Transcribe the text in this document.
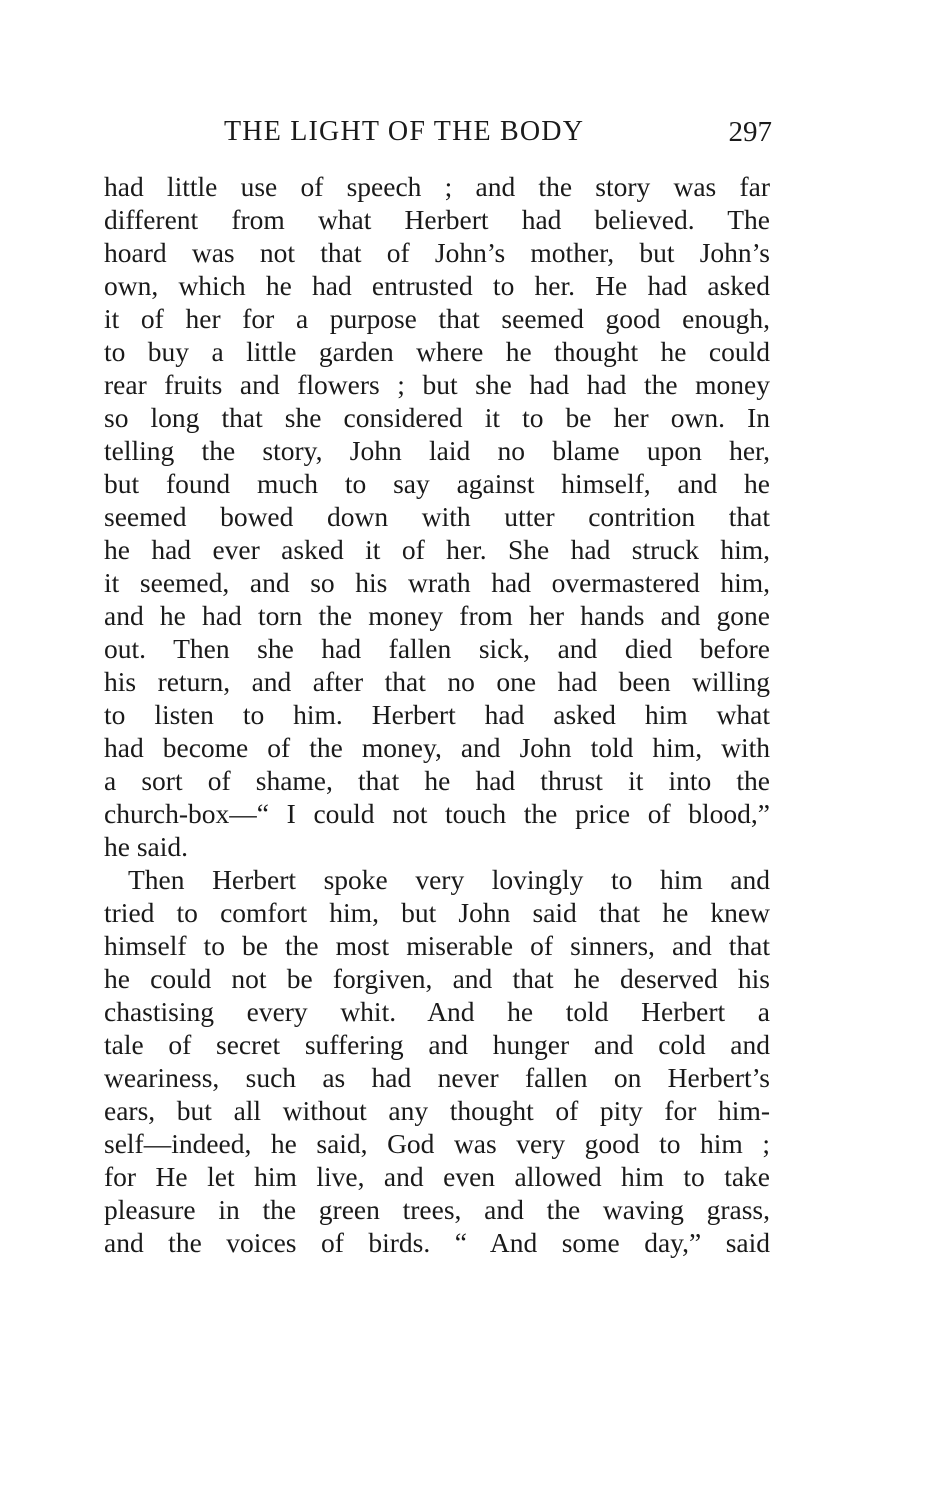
THE LIGHT OF THE BODY	297
had little use of speech ; and the story was far
different from what Herbert had believed. The
hoard was not that of John’s mother, but John’s
own, which he had entrusted to her. He had asked
it of her for a purpose that seemed good enough,
to buy a little garden where he thought he could
rear fruits and flowers ; but she had had the money
so long that she considered it to be her own. In
telling the story, John laid no blame upon her,
but found much to say against himself, and he
seemed bowed down with utter contrition that
he had ever asked it of her. She had struck him,
it seemed, and so his wrath had overmastered him,
and he had torn the money from her hands and gone
out. Then she had fallen sick, and died before
his return, and after that no one had been willing
to listen to him. Herbert had asked him what
had become of the money, and John told him, with
a sort of shame, that he had thrust it into the
church-box—“ I could not touch the price of blood,”
he said.
Then Herbert spoke very lovingly to him and
tried to comfort him, but John said that he knew
himself to be the most miserable of sinners, and that
he could not be forgiven, and that he deserved his
chastising every whit. And he told Herbert a
tale of secret suffering and hunger and cold and
weariness, such as had never fallen on Herbert’s
ears, but all without any thought of pity for him-
self—indeed, he said, God was very good to him ;
for He let him live, and even allowed him to take
pleasure in the green trees, and the waving grass,
and the voices of birds. “ And some day,” said
